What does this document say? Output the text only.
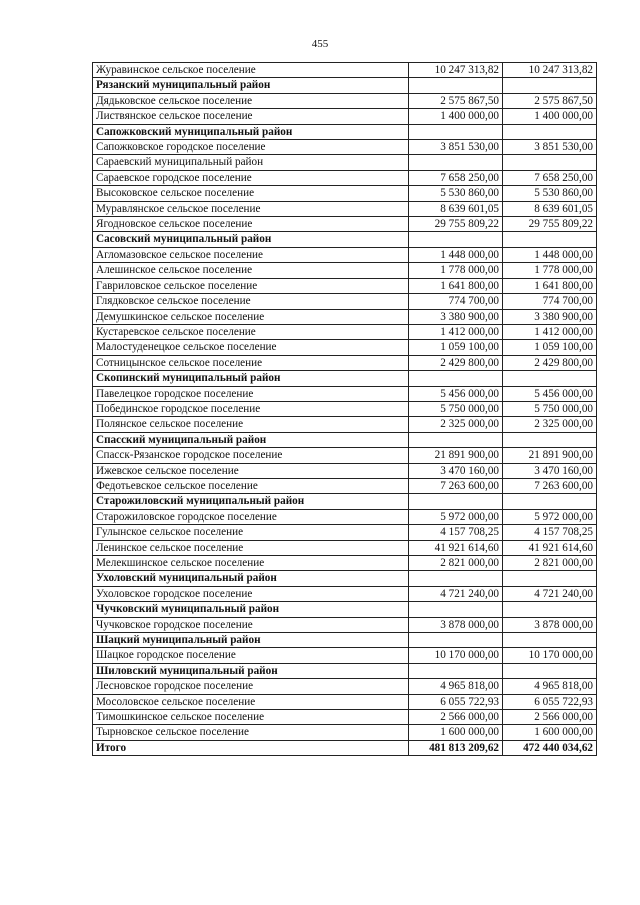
455
Журавинское сельское поселение	10 247 313,82	10 247 313,82
Рязанский муниципальный район		
Дядьковское сельское поселение	2 575 867,50	2 575 867,50
Листвянское сельское поселение	1 400 000,00	1 400 000,00
Сапожковский муниципальный район		
Сапожковское городское поселение	3 851 530,00	3 851 530,00
Сараевский муниципальный район		
Сараевское городское поселение	7 658 250,00	7 658 250,00
Высоковское сельское поселение	5 530 860,00	5 530 860,00
Муравлянское сельское поселение	8 639 601,05	8 639 601,05
Ягодновское сельское поселение	29 755 809,22	29 755 809,22
Сасовский муниципальный район		
Агломазовское сельское поселение	1 448 000,00	1 448 000,00
Алешинское сельское поселение	1 778 000,00	1 778 000,00
Гавриловское сельское поселение	1 641 800,00	1 641 800,00
Глядковское сельское поселение	774 700,00	774 700,00
Демушкинское сельское поселение	3 380 900,00	3 380 900,00
Кустаревское сельское поселение	1 412 000,00	1 412 000,00
Малостуденецкое сельское поселение	1 059 100,00	1 059 100,00
Сотницынское сельское поселение	2 429 800,00	2 429 800,00
Скопинский муниципальный район		
Павелецкое городское поселение	5 456 000,00	5 456 000,00
Побединское городское поселение	5 750 000,00	5 750 000,00
Полянское сельское поселение	2 325 000,00	2 325 000,00
Спасский муниципальный район		
Спасск-Рязанское городское поселение	21 891 900,00	21 891 900,00
Ижевское сельское поселение	3 470 160,00	3 470 160,00
Федотьевское сельское поселение	7 263 600,00	7 263 600,00
Старожиловский муниципальный район		
Старожиловское городское поселение	5 972 000,00	5 972 000,00
Гулынское сельское поселение	4 157 708,25	4 157 708,25
Ленинское сельское поселение	41 921 614,60	41 921 614,60
Мелекшинское сельское поселение	2 821 000,00	2 821 000,00
Ухоловский муниципальный район		
Ухоловское городское поселение	4 721 240,00	4 721 240,00
Чучковский муниципальный район		
Чучковское городское поселение	3 878 000,00	3 878 000,00
Шацкий муниципальный район		
Шацкое городское поселение	10 170 000,00	10 170 000,00
Шиловский муниципальный район		
Лесновское городское поселение	4 965 818,00	4 965 818,00
Мосоловское сельское поселение	6 055 722,93	6 055 722,93
Тимошкинское сельское поселение	2 566 000,00	2 566 000,00
Тырновское сельское поселение	1 600 000,00	1 600 000,00
Итого	481 813 209,62	472 440 034,62
